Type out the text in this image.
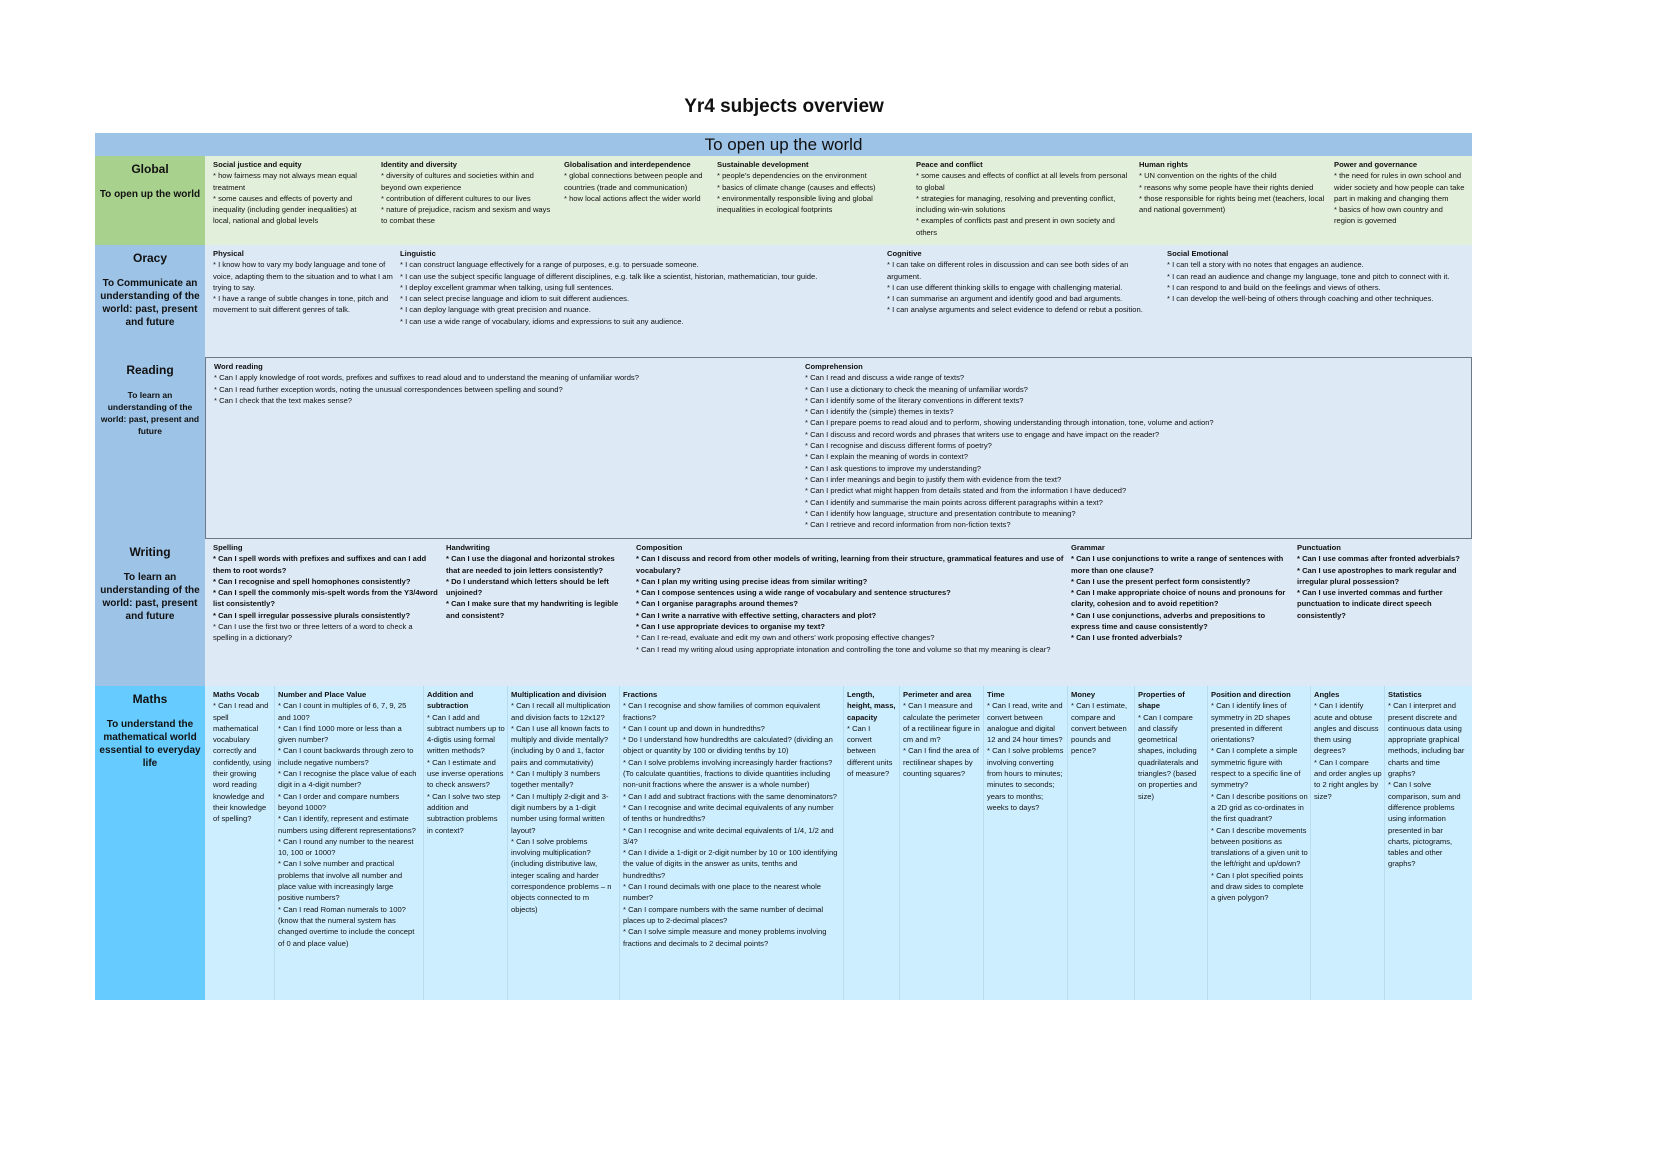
Yr4 subjects overview
To open up the world
Global
To open up the world
Social justice and equity
* how fairness may not always mean equal treatment
* some causes and effects of poverty and inequality (including gender inequalities) at local, national and global levels
Identity and diversity
* diversity of cultures and societies within and beyond own experience
* contribution of different cultures to our lives
* nature of prejudice, racism and sexism and ways to combat these
Globalisation and interdependence
* global connections between people and countries (trade and communication)
* how local actions affect the wider world
Sustainable development
* people’s dependencies on the environment
* basics of climate change (causes and effects)
* environmentally responsible living and global inequalities in ecological footprints
Peace and conflict
* some causes and effects of conflict at all levels from personal to global
* strategies for managing, resolving and preventing conflict, including win-win solutions
* examples of conflicts past and present in own society and others
Human rights
* UN convention on the rights of the child
* reasons why some people have their rights denied
* those responsible for rights being met (teachers, local and national government)
Power and governance
* the need for rules in own school and wider society and how people can take part in making and changing them
* basics of how own country and region is governed
Oracy
To Communicate an understanding of the world: past, present and future
Physical
* I know how to vary my body language and tone of voice, adapting them to the situation and to what I am trying to say.
* I have a range of subtle changes in tone, pitch and movement to suit different genres of talk.
Linguistic
* I can construct language effectively for a range of purposes, e.g. to persuade someone.
* I can use the subject specific language of different disciplines, e.g. talk like a scientist, historian, mathematician, tour guide.
* I deploy excellent grammar when talking, using full sentences.
* I can select precise language and idiom to suit different audiences.
* I can deploy language with great precision and nuance.
* I can use a wide range of vocabulary, idioms and expressions to suit any audience.
Cognitive
* I can take on different roles in discussion and can see both sides of an argument.
* I can use different thinking skills to engage with challenging material.
* I can summarise an argument and identify good and bad arguments.
* I can analyse arguments and select evidence to defend or rebut a position.
Social Emotional
* I can tell a story with no notes that engages an audience.
* I can read an audience and change my language, tone and pitch to connect with it.
* I can respond to and build on the feelings and views of others.
* I can develop the well-being of others through coaching and other techniques.
Reading
To learn an understanding of the world: past, present and future
Word reading
* Can I apply knowledge of root words, prefixes and suffixes to read aloud and to understand the meaning of unfamiliar words?
* Can I read further exception words, noting the unusual correspondences between spelling and sound?
* Can I check that the text makes sense?
Comprehension
* Can I read and discuss a wide range of texts?
* Can I use a dictionary to check the meaning of unfamiliar words?
* Can I identify some of the literary conventions in different texts?
* Can I identify the (simple) themes in texts?
* Can I prepare poems to read aloud and to perform, showing understanding through intonation, tone, volume and action?
* Can I discuss and record words and phrases that writers use to engage and have impact on the reader?
* Can I recognise and discuss different forms of poetry?
* Can I explain the meaning of words in context?
* Can I ask questions to improve my understanding?
* Can I infer meanings and begin to justify them with evidence from the text?
* Can I predict what might happen from details stated and from the information I have deduced?
* Can I identify and summarise the main points across different paragraphs within a text?
* Can I identify how language, structure and presentation contribute to meaning?
* Can I retrieve and record information from non-fiction texts?
Writing
To learn an understanding of the world: past, present and future
Spelling
* Can I spell words with prefixes and suffixes and can I add them to root words?
* Can I recognise and spell homophones consistently?
* Can I spell the commonly mis-spelt words from the Y3/4word list consistently?
* Can I spell irregular possessive plurals consistently?
* Can I use the first two or three letters of a word to check a spelling in a dictionary?
Handwriting
* Can I use the diagonal and horizontal strokes that are needed to join letters consistently?
* Do I understand which letters should be left unjoined?
* Can I make sure that my handwriting is legible and consistent?
Composition
* Can I discuss and record from other models of writing, learning from their structure, grammatical features and use of vocabulary?
* Can I plan my writing using precise ideas from similar writing?
* Can I compose sentences using a wide range of vocabulary and sentence structures?
* Can I organise paragraphs around themes?
* Can I write a narrative with effective setting, characters and plot?
* Can I use appropriate devices to organise my text?
* Can I re-read, evaluate and edit my own and others’ work proposing effective changes?
* Can I read my writing aloud using appropriate intonation and controlling the tone and volume so that my meaning is clear?
Grammar
* Can I use conjunctions to write a range of sentences with more than one clause?
* Can I use the present perfect form consistently?
* Can I make appropriate choice of nouns and pronouns for clarity, cohesion and to avoid repetition?
* Can I use conjunctions, adverbs and prepositions to express time and cause consistently?
* Can I use fronted adverbials?
Punctuation
* Can I use commas after fronted adverbials?
* Can I use apostrophes to mark regular and irregular plural possession?
* Can I use inverted commas and further punctuation to indicate direct speech consistently?
Maths
To understand the mathematical world essential to everyday life
Maths Vocab
* Can I read and spell mathematical vocabulary correctly and confidently, using their growing word reading knowledge and their knowledge of spelling?
Number and Place Value
* Can I count in multiples of 6, 7, 9, 25 and 100?
* Can I find 1000 more or less than a given number?
* Can I count backwards through zero to include negative numbers?
* Can I recognise the place value of each digit in a 4-digit number?
* Can I order and compare numbers beyond 1000?
* Can I identify, represent and estimate numbers using different representations?
* Can I round any number to the nearest 10, 100 or 1000?
* Can I solve number and practical problems that involve all number and place value with increasingly large positive numbers?
* Can I read Roman numerals to 100? (know that the numeral system has changed overtime to include the concept of 0 and place value)
Addition and subtraction
* Can I add and subtract numbers up to 4-digtis using formal written methods?
* Can I estimate and use inverse operations to check answers?
* Can I solve two step addition and subtraction problems in context?
Multiplication and division
* Can I recall all multiplication and division facts to 12x12?
* Can I use all known facts to multiply and divide mentally? (including by 0 and 1, factor pairs and commutativity)
* Can I multiply 3 numbers together mentally?
* Can I multiply 2-digit and 3-digit numbers by a 1-digit number using formal written layout?
* Can I solve problems involving multiplication? (including distributive law, integer scaling and harder correspondence problems – n objects connected to m objects)
Fractions
* Can I recognise and show families of common equivalent fractions?
* Can I count up and down in hundredths?
* Do I understand how hundredths are calculated? (dividing an object or quantity by 100 or dividing tenths by 10)
* Can I solve problems involving increasingly harder fractions? (To calculate quantities, fractions to divide quantities including non-unit fractions where the answer is a whole number)
* Can I add and subtract fractions with the same denominators?
* Can I recognise and write decimal equivalents of any number of tenths or hundredths?
* Can I recognise and write decimal equivalents of 1/4, 1/2 and 3/4?
* Can I divide a 1-digit or 2-digit number by 10 or 100 identifying the value of digits in the answer as units, tenths and hundredths?
* Can I round decimals with one place to the nearest whole number?
* Can I compare numbers with the same number of decimal places up to 2-decimal places?
* Can I solve simple measure and money problems involving fractions and decimals to 2 decimal points?
Length, height, mass, capacity
* Can I convert between different units of measure?
Perimeter and area
* Can I measure and calculate the perimeter of a rectilinear figure in cm and m?
* Can I find the area of rectilinear shapes by counting squares?
Time
* Can I read, write and convert between analogue and digital 12 and 24 hour times?
* Can I solve problems involving converting from hours to minutes; minutes to seconds; years to months; weeks to days?
Money
* Can I estimate, compare and convert between pounds and pence?
Properties of shape
* Can I compare and classify geometrical shapes, including quadrilaterals and triangles? (based on properties and size)
Position and direction
* Can I identify lines of symmetry in 2D shapes presented in different orientations?
* Can I complete a simple symmetric figure with respect to a specific line of symmetry?
* Can I describe positions on a 2D grid as co-ordinates in the first quadrant?
* Can I describe movements between positions as translations of a given unit to the left/right and up/down?
* Can I plot specified points and draw sides to complete a given polygon?
Angles
* Can I identify acute and obtuse angles and discuss them using degrees?
* Can I compare and order angles up to 2 right angles by size?
Statistics
* Can I interpret and present discrete and continuous data using appropriate graphical methods, including bar charts and time graphs?
* Can I solve comparison, sum and difference problems using information presented in bar charts, pictograms, tables and other graphs?
